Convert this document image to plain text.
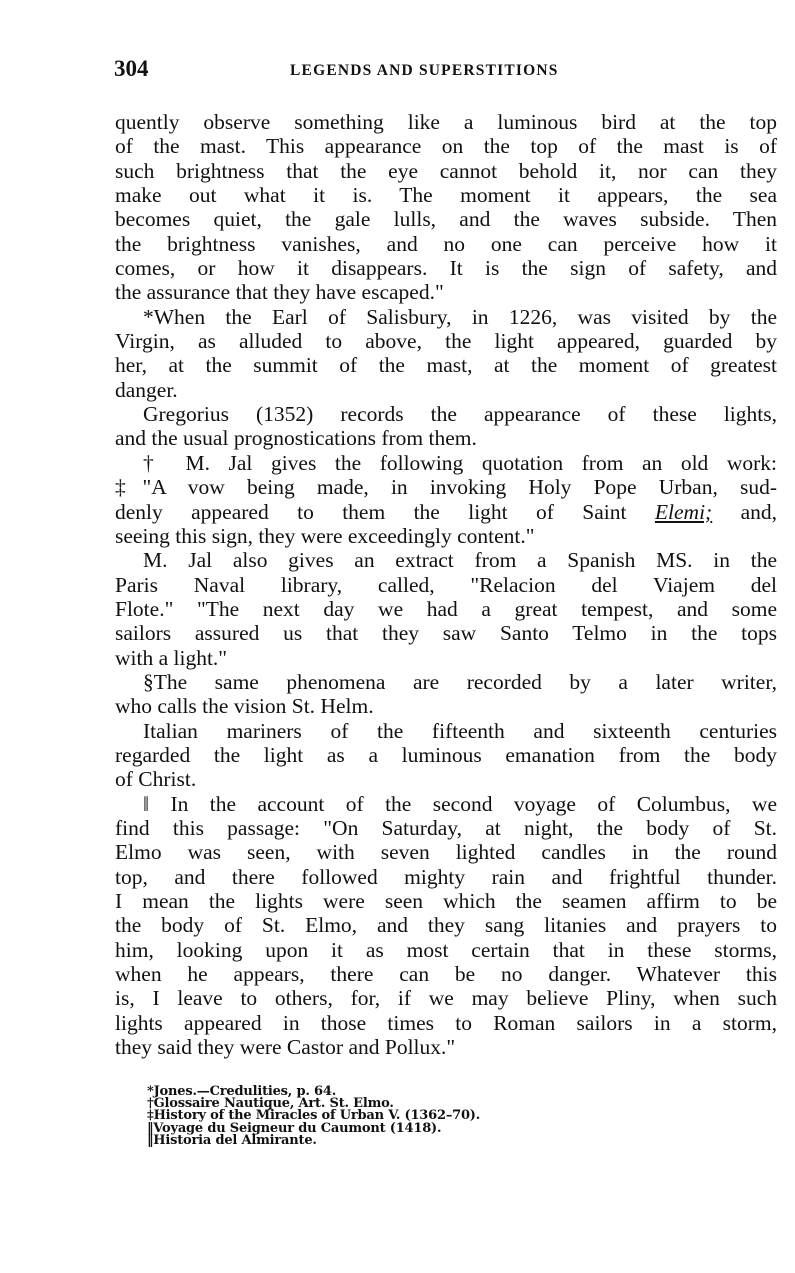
304	LEGENDS AND SUPERSTITIONS
quently observe something like a luminous bird at the top
of the mast. This appearance on the top of the mast is of
such brightness that the eye cannot behold it, nor can they
make out what it is. The moment it appears, the sea
becomes quiet, the gale lulls, and the waves subside. Then
the brightness vanishes, and no one can perceive how it
comes, or how it disappears. It is the sign of safety, and
the assurance that they have escaped."
*When the Earl of Salisbury, in 1226, was visited by the
Virgin, as alluded to above, the light appeared, guarded by
her, at the summit of the mast, at the moment of greatest
danger.
Gregorius (1352) records the appearance of these lights,
and the usual prognostications from them.
† M. Jal gives the following quotation from an old work:
‡"A vow being made, in invoking Holy Pope Urban, sud-
denly appeared to them the light of Saint Elemi; and,
seeing this sign, they were exceedingly content."
M. Jal also gives an extract from a Spanish MS. in the
Paris Naval library, called, "Relacion del Viajem del
Flote." "The next day we had a great tempest, and some
sailors assured us that they saw Santo Telmo in the tops
with a light."
§The same phenomena are recorded by a later writer,
who calls the vision St. Helm.
Italian mariners of the fifteenth and sixteenth centuries
regarded the light as a luminous emanation from the body
of Christ.
‖ In the account of the second voyage of Columbus, we
find this passage: "On Saturday, at night, the body of St.
Elmo was seen, with seven lighted candles in the round
top, and there followed mighty rain and frightful thunder.
I mean the lights were seen which the seamen affirm to be
the body of St. Elmo, and they sang litanies and prayers to
him, looking upon it as most certain that in these storms,
when he appears, there can be no danger. Whatever this
is, I leave to others, for, if we may believe Pliny, when such
lights appeared in those times to Roman sailors in a storm,
they said they were Castor and Pollux."
*Jones.—Credulities, p. 64.
†Glossaire Nautique, Art. St. Elmo.
‡History of the Miracles of Urban V. (1362–70).
‖Voyage du Seigneur du Caumont (1418).
‖Historia del Almirante.
